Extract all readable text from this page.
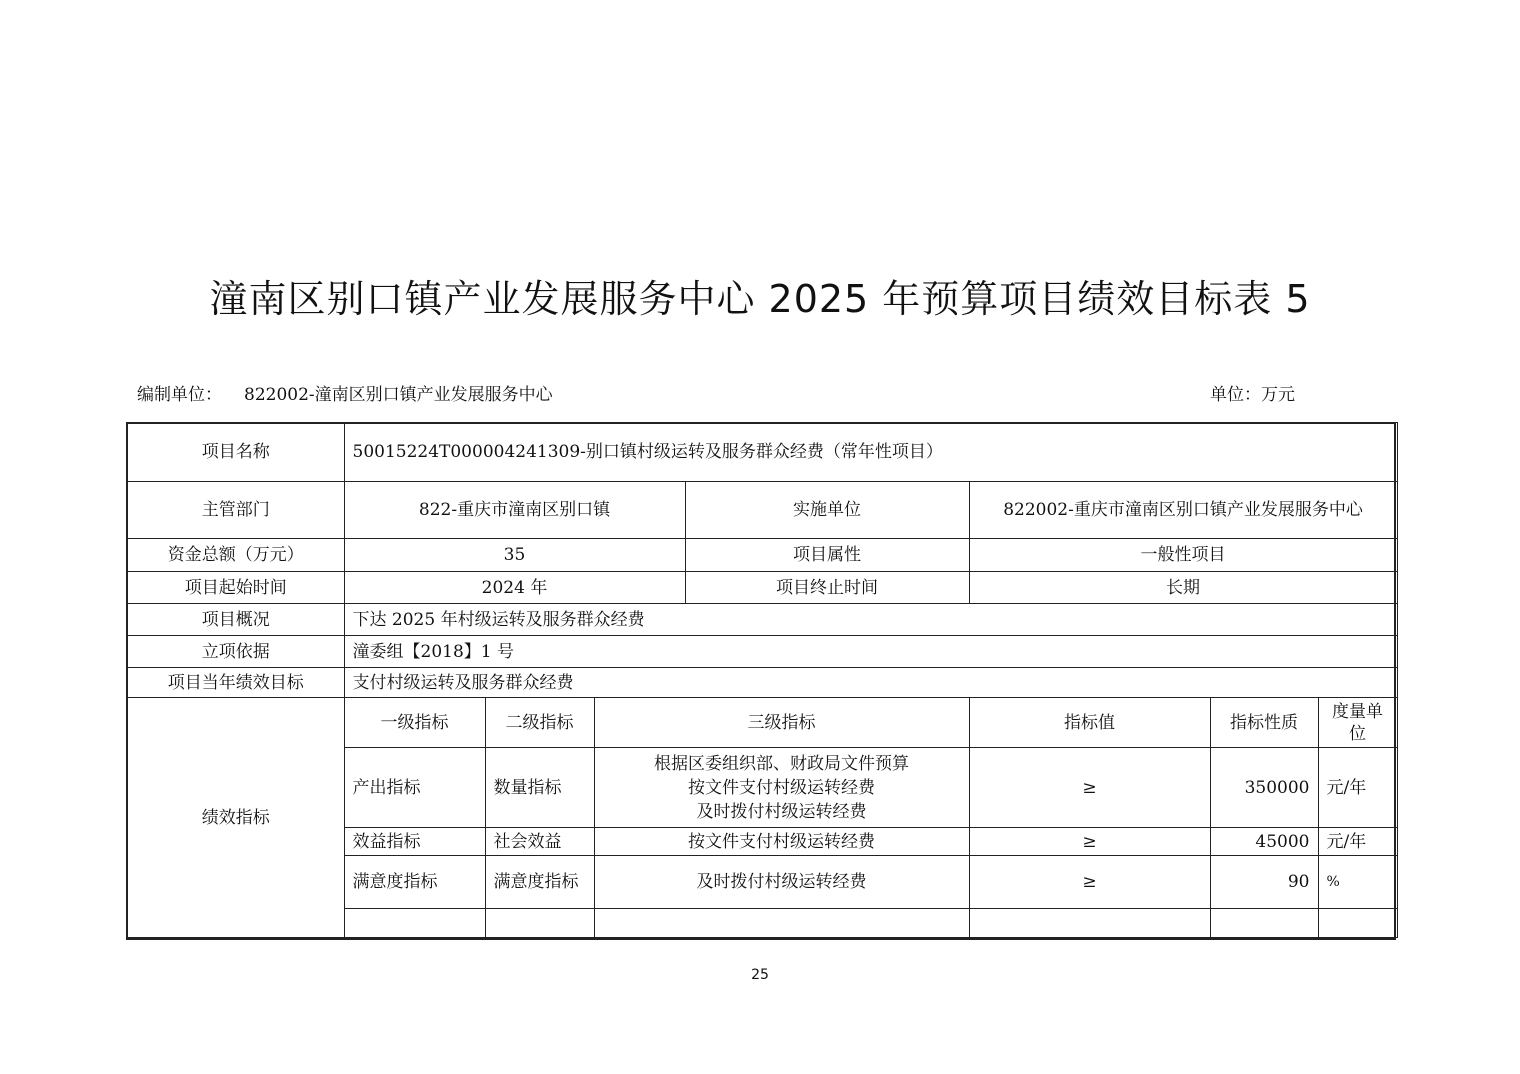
潼南区别口镇产业发展服务中心 2025 年预算项目绩效目标表 5
编制单位： 822002-潼南区别口镇产业发展服务中心	单位：万元
项目名称	50015224T000004241309-别口镇村级运转及服务群众经费（常年性项目）						
主管部门	822-重庆市潼南区别口镇			实施单位	822002-重庆市潼南区别口镇产业发展服务中心		
资金总额（万元）	35			项目属性	一般性项目		
项目起始时间	2024 年			项目终止时间	长期		
项目概况	下达 2025 年村级运转及服务群众经费						
立项依据	潼委组【2018】1 号						
项目当年绩效目标	支付村级运转及服务群众经费						
绩效指标	一级指标	二级指标	三级指标		指标值	指标性质	度量单位
	产出指标	数量指标	根据区委组织部、财政局文件预算
按文件支付村级运转经费
及时拨付村级运转经费		≥	350000	元/年
	效益指标	社会效益	按文件支付村级运转经费		≥	45000	元/年
	满意度指标	满意度指标	及时拨付村级运转经费		≥	90	%

25
